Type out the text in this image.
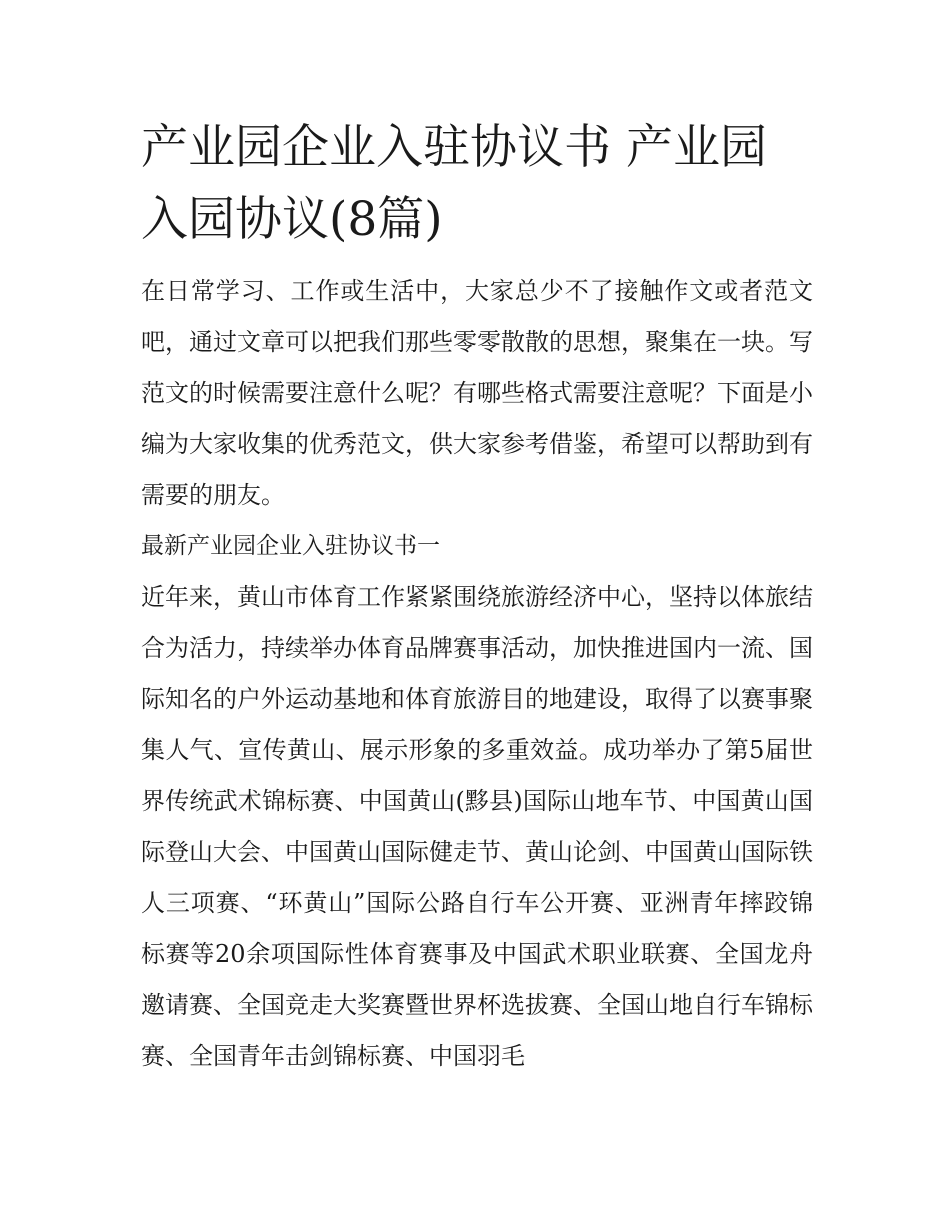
产业园企业入驻协议书 产业园入园协议(8篇)

在日常学习、工作或生活中，大家总少不了接触作文或者范文吧，通过文章可以把我们那些零零散散的思想，聚集在一块。写范文的时候需要注意什么呢？有哪些格式需要注意呢？下面是小编为大家收集的优秀范文，供大家参考借鉴，希望可以帮助到有需要的朋友。

最新产业园企业入驻协议书一

近年来，黄山市体育工作紧紧围绕旅游经济中心，坚持以体旅结合为活力，持续举办体育品牌赛事活动，加快推进国内一流、国际知名的户外运动基地和体育旅游目的地建设，取得了以赛事聚集人气、宣传黄山、展示形象的多重效益。成功举办了第5届世界传统武术锦标赛、中国黄山(黟县)国际山地车节、中国黄山国际登山大会、中国黄山国际健走节、黄山论剑、中国黄山国际铁人三项赛、“环黄山”国际公路自行车公开赛、亚洲青年摔跤锦标赛等20余项国际性体育赛事及中国武术职业联赛、全国龙舟邀请赛、全国竞走大奖赛暨世界杯选拔赛、全国山地自行车锦标赛、全国青年击剑锦标赛、中国羽毛
